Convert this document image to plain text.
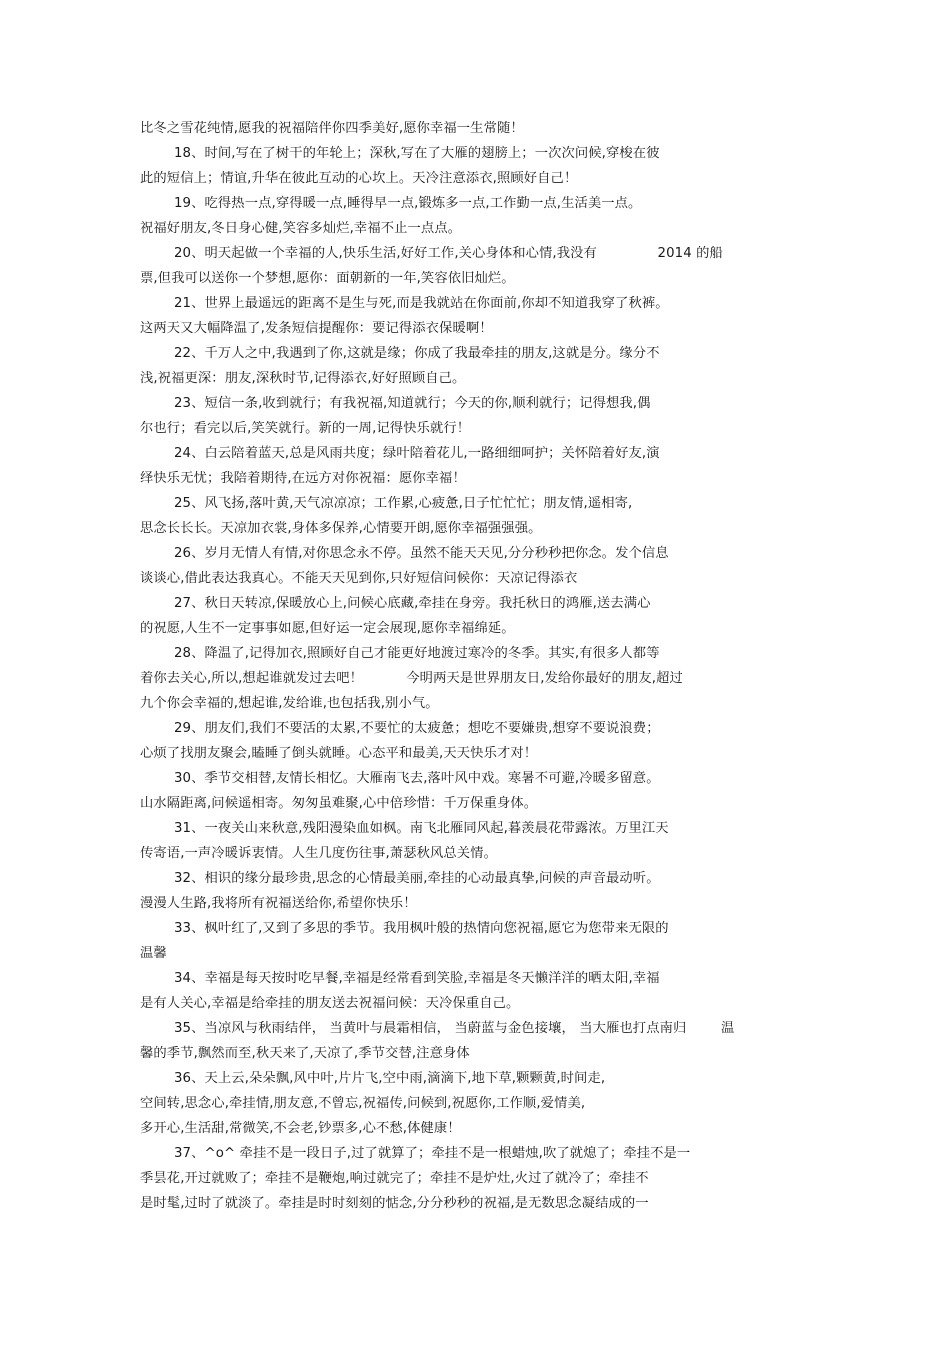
比冬之雪花纯情,愿我的祝福陪伴你四季美好,愿你幸福一生常随！
18、时间,写在了树干的年轮上；深秋,写在了大雁的翅膀上；一次次问候,穿梭在彼
此的短信上；情谊,升华在彼此互动的心坎上。天冷注意添衣,照顾好自己！
19、吃得热一点,穿得暖一点,睡得早一点,锻炼多一点,工作勤一点,生活美一点。
祝福好朋友,冬日身心健,笑容多灿烂,幸福不止一点点。
20、明天起做一个幸福的人,快乐生活,好好工作,关心身体和心情,我没有              2014 的船
票,但我可以送你一个梦想,愿你：面朝新的一年,笑容依旧灿烂。
21、世界上最遥远的距离不是生与死,而是我就站在你面前,你却不知道我穿了秋裤。
这两天又大幅降温了,发条短信提醒你：要记得添衣保暖啊！
22、千万人之中,我遇到了你,这就是缘；你成了我最牵挂的朋友,这就是分。缘分不
浅,祝福更深：朋友,深秋时节,记得添衣,好好照顾自己。
23、短信一条,收到就行；有我祝福,知道就行；今天的你,顺利就行；记得想我,偶
尔也行；看完以后,笑笑就行。新的一周,记得快乐就行！
24、白云陪着蓝天,总是风雨共度；绿叶陪着花儿,一路细细呵护；关怀陪着好友,演
绎快乐无忧；我陪着期待,在远方对你祝福：愿你幸福！
25、风飞扬,落叶黄,天气凉凉凉；工作累,心疲惫,日子忙忙忙；朋友情,遥相寄,
思念长长长。天凉加衣裳,身体多保养,心情要开朗,愿你幸福强强强。
26、岁月无情人有情,对你思念永不停。虽然不能天天见,分分秒秒把你念。发个信息
谈谈心,借此表达我真心。不能天天见到你,只好短信问候你：天凉记得添衣
27、秋日天转凉,保暖放心上,问候心底藏,牵挂在身旁。我托秋日的鸿雁,送去满心
的祝愿,人生不一定事事如愿,但好运一定会展现,愿你幸福绵延。
28、降温了,记得加衣,照顾好自己才能更好地渡过寒冷的冬季。其实,有很多人都等
着你去关心,所以,想起谁就发过去吧！          今明两天是世界朋友日,发给你最好的朋友,超过
九个你会幸福的,想起谁,发给谁,也包括我,别小气。
29、朋友们,我们不要活的太累,不要忙的太疲惫；想吃不要嫌贵,想穿不要说浪费；
心烦了找朋友聚会,瞌睡了倒头就睡。心态平和最美,天天快乐才对！
30、季节交相替,友情长相忆。大雁南飞去,落叶风中戏。寒暑不可避,冷暖多留意。
山水隔距离,问候遥相寄。匆匆虽难聚,心中倍珍惜：千万保重身体。
31、一夜关山来秋意,残阳漫染血如枫。南飞北雁同风起,暮羡晨花带露浓。万里江天
传寄语,一声冷暖诉衷情。人生几度伤往事,萧瑟秋风总关情。
32、相识的缘分最珍贵,思念的心情最美丽,牵挂的心动最真挚,问候的声音最动听。
漫漫人生路,我将所有祝福送给你,希望你快乐！
33、枫叶红了,又到了多思的季节。我用枫叶般的热情向您祝福,愿它为您带来无限的
温馨
34、幸福是每天按时吃早餐,幸福是经常看到笑脸,幸福是冬天懒洋洋的晒太阳,幸福
是有人关心,幸福是给牵挂的朋友送去祝福问候：天冷保重自己。
35、当凉风与秋雨结伴， 当黄叶与晨霜相信， 当蔚蓝与金色接壤， 当大雁也打点南归        温
馨的季节,飘然而至,秋天来了,天凉了,季节交替,注意身体
36、天上云,朵朵飘,风中叶,片片飞,空中雨,滴滴下,地下草,颗颗黄,时间走,
空间转,思念心,牵挂情,朋友意,不曾忘,祝福传,问候到,祝愿你,工作顺,爱情美,
多开心,生活甜,常微笑,不会老,钞票多,心不愁,体健康！
37、^o^ 牵挂不是一段日子,过了就算了；牵挂不是一根蜡烛,吹了就熄了；牵挂不是一
季昙花,开过就败了；牵挂不是鞭炮,响过就完了；牵挂不是炉灶,火过了就冷了；牵挂不
是时髦,过时了就淡了。牵挂是时时刻刻的惦念,分分秒秒的祝福,是无数思念凝结成的一
